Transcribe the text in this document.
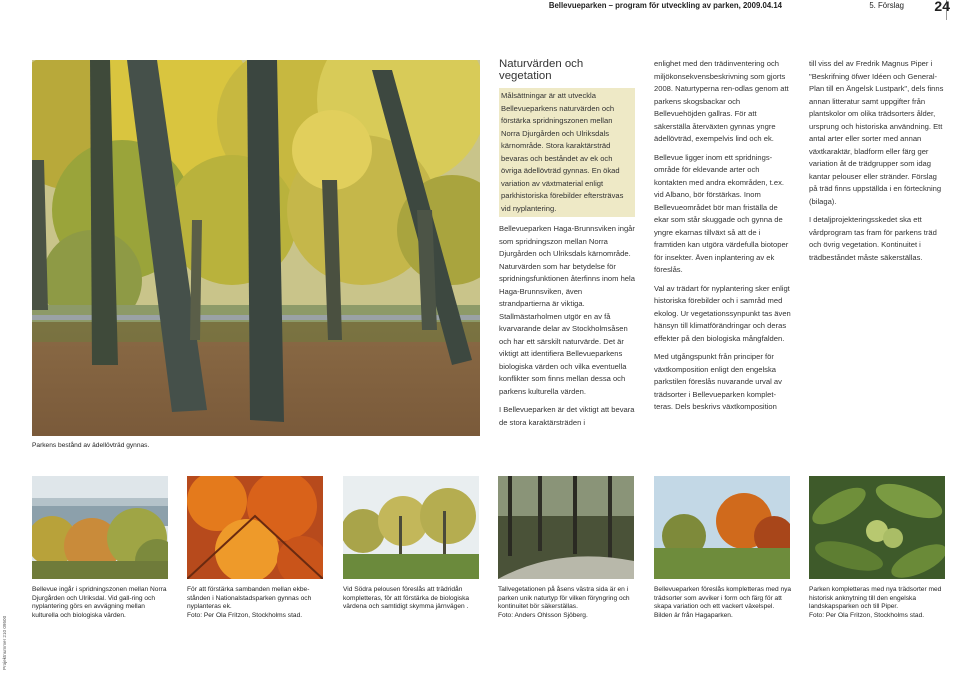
Bellevueparken – program för utveckling av parken, 2009.04.14	5. Förslag 24
Parkens bestånd av ädellövträd gynnas.
Naturvärden och vegetation

Målsättningar är att utveckla Bellevueparkens naturvärden och förstärka spridningszonen mellan Norra Djurgården och Ulriksdals kärnområde. Stora karaktärsträd bevaras och beståndet av ek och övriga ädellövträd gynnas. En ökad variation av växtmaterial enligt parkhistoriska förebilder eftersträvas vid nyplantering.

Bellevueparken Haga-Brunnsviken ingår som spridningszon mellan Norra Djurgården och Ulriksdals kärnområde. Naturvärden som har betydelse för spridningsfunktionen återfinns inom hela Haga-Brunnsviken, även strandpartierna är viktiga. Stallmästarholmen utgör en av få kvarvarande delar av Stockholmsåsen och har ett särskilt naturvärde. Det är viktigt att identifiera Bellevueparkens biologiska värden och vilka eventuella konflikter som finns mellan dessa och parkens kulturella värden.

I Bellevueparken är det viktigt att bevara de stora karaktärsträden i

enlighet med den trädinventering och miljökonsekvensbeskrivning som gjorts 2008. Naturtyperna ren-odlas genom att parkens skogsbackar och Bellevuehöjden gallras. För att säkerställa återväxten gynnas yngre ädellövträd, exempelvis lind och ek.

Bellevue ligger inom ett spridnings-område för eklevande arter och kontakten med andra ekområden, t.ex. vid Albano, bör förstärkas. Inom Bellevueområdet bör man friställa de ekar som står skuggade och gynna de yngre ekarnas tillväxt så att de i framtiden kan utgöra värdefulla biotoper för insekter. Även inplantering av ek föreslås.

Val av trädart för nyplantering sker enligt historiska förebilder och i samråd med ekolog. Ur vegetationssynpunkt tas även hänsyn till klimatförändringar och deras effekter på den biologiska mångfalden.

Med utgångspunkt från principer för växtkomposition enligt den engelska parkstilen föreslås nuvarande urval av trädsorter i Bellevueparken komplet-teras. Dels beskrivs växtkomposition

till viss del av Fredrik Magnus Piper i "Beskrifning öfwer Idéen och General-Plan till en Ängelsk Lustpark", dels finns annan litteratur samt uppgifter från plantskolor om olika trädsorters ålder, ursprung och historiska användning. Ett antal arter eller sorter med annan växtkaraktär, bladform eller färg ger variation åt de trädgrupper som idag kantar pelouser eller stränder. Förslag på träd finns uppställda i en förteckning (bilaga).

I detaljprojekteringsskedet ska ett vårdprogram tas fram för parkens träd och övrig vegetation. Kontinuitet i trädbeståndet måste säkerställas.

Bellevue ingår i spridningszonen mellan Norra Djurgården och Ulriksdal. Vid gall-ring och nyplantering görs en avvägning mellan kulturella och biologiska värden.
För att förstärka sambanden mellan ekbe-stånden i Nationalstadsparken gynnas och nyplanteras ek.
Foto: Per Ola Fritzon, Stockholms stad.
Vid Södra pelousen föreslås att trädridån kompletteras, för att förstärka de biologiska värdena och samtidigt skymma järnvägen .
Tallvegetationen på åsens västra sida är en i parken unik naturtyp för vilken föryngring och kontinuitet bör säkerställas.
Foto: Anders Ohlsson Sjöberg.
Bellevueparken föreslås kompletteras med nya trädsorter som avviker i form och färg för att skapa variation och ett vackert växelspel. Bilden är från Hagaparken.
Parken kompletteras med nya trädsorter med historisk anknytning till den engelska landskapsparken och till Piper.
Foto: Per Ola Fritzon, Stockholms stad.
Projektnummer 210 09500
